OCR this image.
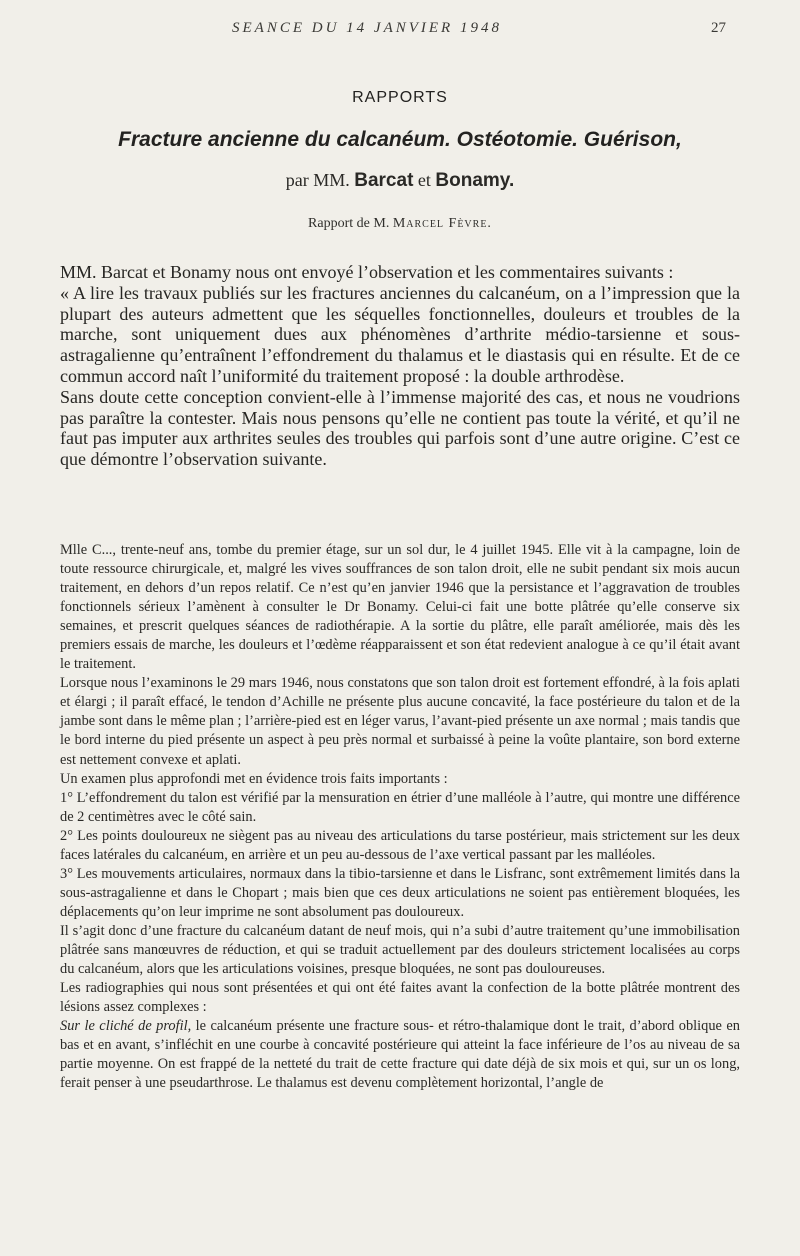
SEANCE DU 14 JANVIER 1948	27
RAPPORTS
Fracture ancienne du calcanéum. Ostéotomie. Guérison,
par MM. Barcat et Bonamy.
Rapport de M. Marcel Fèvre.

MM. Barcat et Bonamy nous ont envoyé l’observation et les commentaires suivants :

« A lire les travaux publiés sur les fractures anciennes du calcanéum, on a l’impression que la plupart des auteurs admettent que les séquelles fonctionnelles, douleurs et troubles de la marche, sont uniquement dues aux phénomènes d’arthrite médio-tarsienne et sous-astragalienne qu’entraînent l’effondrement du thalamus et le diastasis qui en résulte. Et de ce commun accord naît l’uniformité du traitement proposé : la double arthrodèse.

Sans doute cette conception convient-elle à l’immense majorité des cas, et nous ne voudrions pas paraître la contester. Mais nous pensons qu’elle ne contient pas toute la vérité, et qu’il ne faut pas imputer aux arthrites seules des troubles qui parfois sont d’une autre origine. C’est ce que démontre l’observation suivante.

Mlle C..., trente-neuf ans, tombe du premier étage, sur un sol dur, le 4 juillet 1945. Elle vit à la campagne, loin de toute ressource chirurgicale, et, malgré les vives souffrances de son talon droit, elle ne subit pendant six mois aucun traitement, en dehors d’un repos relatif. Ce n’est qu’en janvier 1946 que la persistance et l’aggravation de troubles fonctionnels sérieux l’amènent à consulter le Dr Bonamy. Celui-ci fait une botte plâtrée qu’elle conserve six semaines, et prescrit quelques séances de radiothérapie. A la sortie du plâtre, elle paraît améliorée, mais dès les premiers essais de marche, les douleurs et l’œdème réapparaissent et son état redevient analogue à ce qu’il était avant le traitement.

Lorsque nous l’examinons le 29 mars 1946, nous constatons que son talon droit est fortement effondré, à la fois aplati et élargi ; il paraît effacé, le tendon d’Achille ne présente plus aucune concavité, la face postérieure du talon et de la jambe sont dans le même plan ; l’arrière-pied est en léger varus, l’avant-pied présente un axe normal ; mais tandis que le bord interne du pied présente un aspect à peu près normal et surbaissé à peine la voûte plantaire, son bord externe est nettement convexe et aplati.

Un examen plus approfondi met en évidence trois faits importants :

1° L’effondrement du talon est vérifié par la mensuration en étrier d’une malléole à l’autre, qui montre une différence de 2 centimètres avec le côté sain.

2° Les points douloureux ne siègent pas au niveau des articulations du tarse postérieur, mais strictement sur les deux faces latérales du calcanéum, en arrière et un peu au-dessous de l’axe vertical passant par les malléoles.

3° Les mouvements articulaires, normaux dans la tibio-tarsienne et dans le Lisfranc, sont extrêmement limités dans la sous-astragalienne et dans le Chopart ; mais bien que ces deux articulations ne soient pas entièrement bloquées, les déplacements qu’on leur imprime ne sont absolument pas douloureux.

Il s’agit donc d’une fracture du calcanéum datant de neuf mois, qui n’a subi d’autre traitement qu’une immobilisation plâtrée sans manœuvres de réduction, et qui se traduit actuellement par des douleurs strictement localisées au corps du calcanéum, alors que les articulations voisines, presque bloquées, ne sont pas douloureuses.

Les radiographies qui nous sont présentées et qui ont été faites avant la confection de la botte plâtrée montrent des lésions assez complexes :

Sur le cliché de profil, le calcanéum présente une fracture sous- et rétro-thalamique dont le trait, d’abord oblique en bas et en avant, s’infléchit en une courbe à concavité postérieure qui atteint la face inférieure de l’os au niveau de sa partie moyenne. On est frappé de la netteté du trait de cette fracture qui date déjà de six mois et qui, sur un os long, ferait penser à une pseudarthrose. Le thalamus est devenu complètement horizontal, l’angle de
